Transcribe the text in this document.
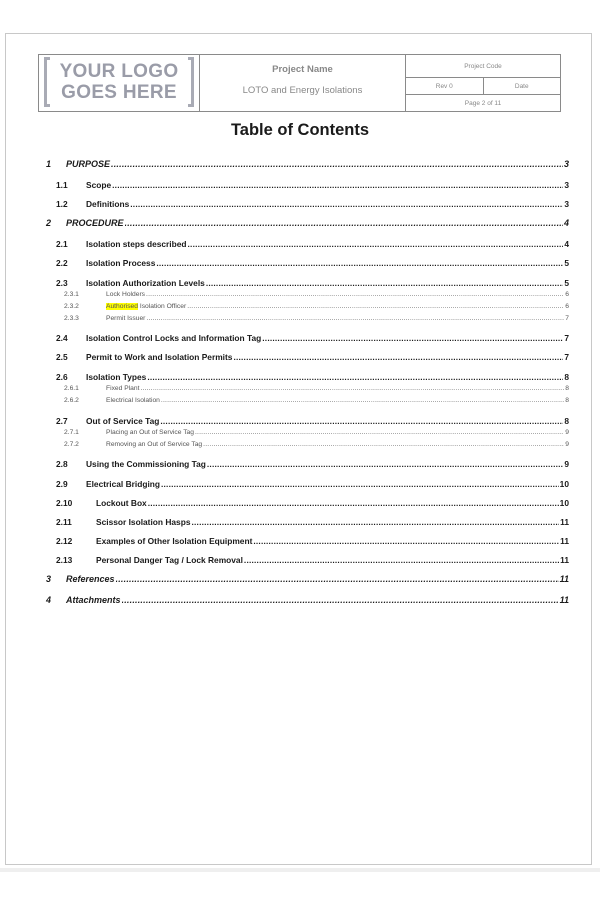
YOUR LOGO
GOES HERE
Project Name
LOTO and Energy Isolations
Project Code
Rev 0	Date
Page 2 of 11
Table of Contents
1	PURPOSE .....	3
1.1	Scope .....	3
1.2	Definitions .....	3
2	PROCEDURE .....	4
2.1	Isolation steps described .....	4
2.2	Isolation Process .....	5
2.3	Isolation Authorization Levels .....	5
2.3.1	Lock Holders .....	6
2.3.2	Authorised Isolation Officer .....	6
2.3.3	Permit Issuer .....	7
2.4	Isolation Control Locks and Information Tag .....	7
2.5	Permit to Work and Isolation Permits .....	7
2.6	Isolation Types .....	8
2.6.1	Fixed Plant .....	8
2.6.2	Electrical Isolation .....	8
2.7	Out of Service Tag .....	8
2.7.1	Placing an Out of Service Tag .....	9
2.7.2	Removing an Out of Service Tag .....	9
2.8	Using the Commissioning Tag .....	9
2.9	Electrical Bridging .....	10
2.10	Lockout Box .....	10
2.11	Scissor Isolation Hasps .....	11
2.12	Examples of Other Isolation Equipment .....	11
2.13	Personal Danger Tag / Lock Removal .....	11
3	References .....	11
4	Attachments .....	11
